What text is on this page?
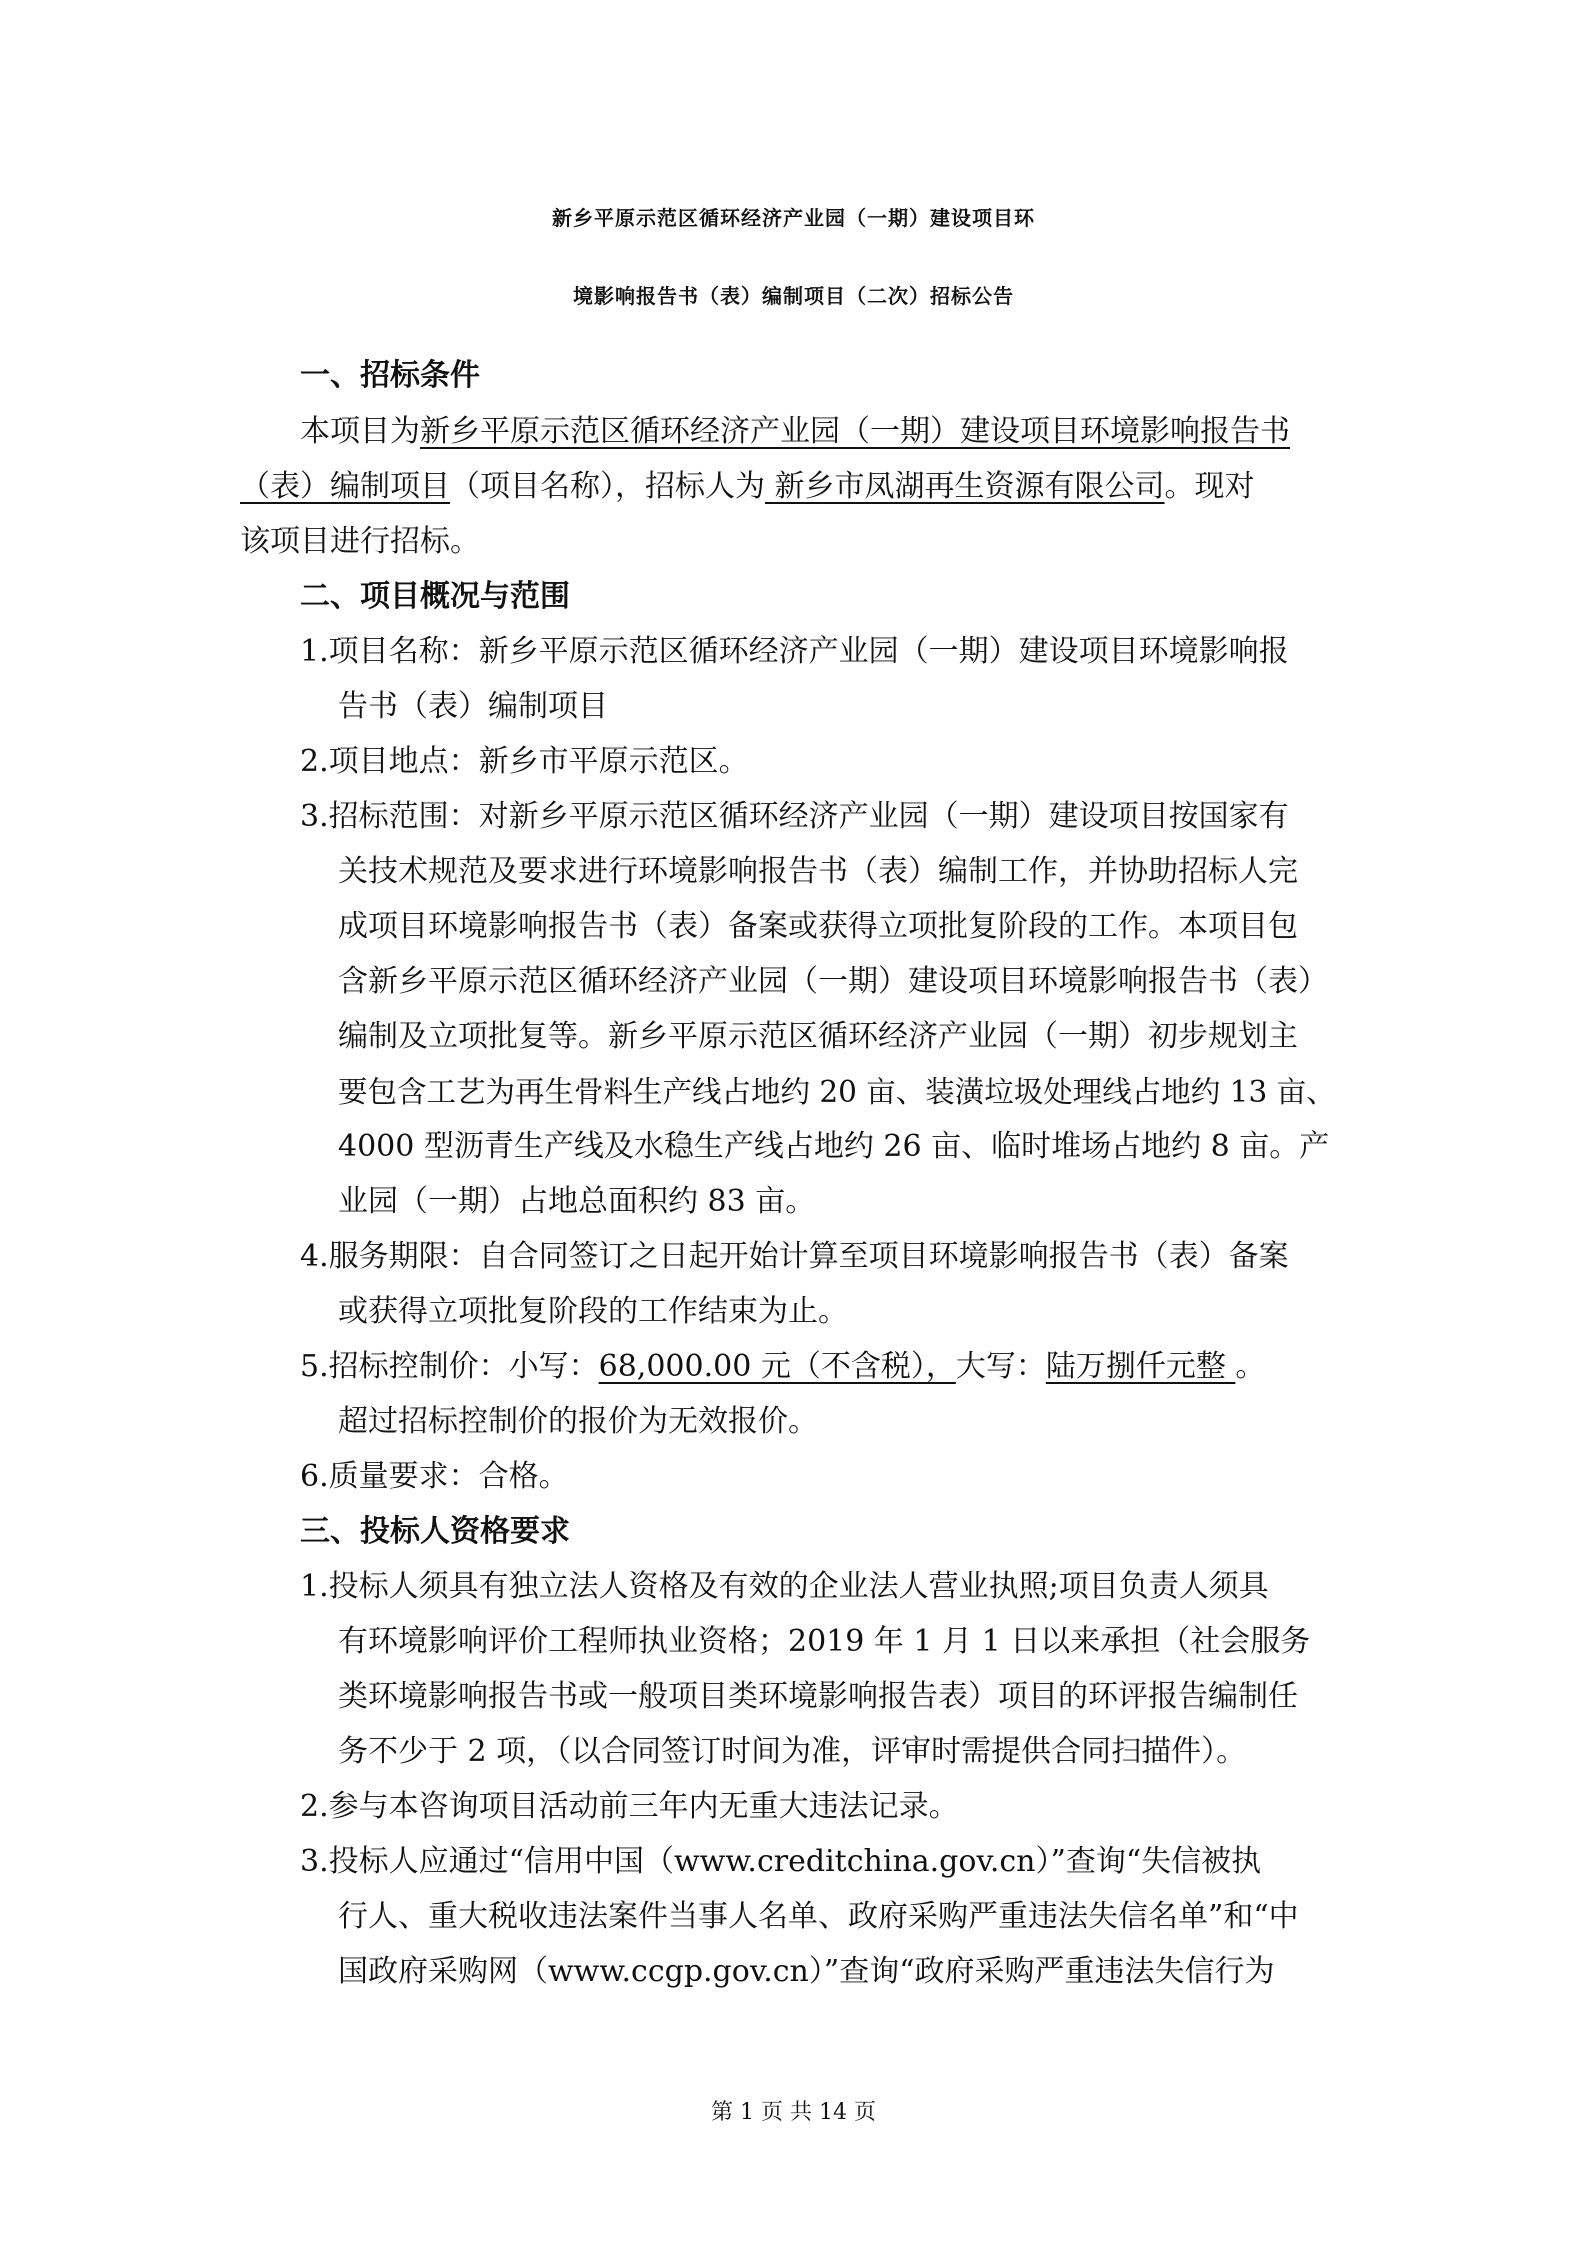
新乡平原示范区循环经济产业园（一期）建设项目环
境影响报告书（表）编制项目（二次）招标公告
一、招标条件
本项目为新乡平原示范区循环经济产业园（一期）建设项目环境影响报告书
（表）编制项目（项目名称），招标人为 新乡市凤湖再生资源有限公司。现对
该项目进行招标。
二、项目概况与范围
1.项目名称：新乡平原示范区循环经济产业园（一期）建设项目环境影响报
告书（表）编制项目
2.项目地点：新乡市平原示范区。
3.招标范围：对新乡平原示范区循环经济产业园（一期）建设项目按国家有
关技术规范及要求进行环境影响报告书（表）编制工作，并协助招标人完
成项目环境影响报告书（表）备案或获得立项批复阶段的工作。本项目包
含新乡平原示范区循环经济产业园（一期）建设项目环境影响报告书（表）
编制及立项批复等。新乡平原示范区循环经济产业园（一期）初步规划主
要包含工艺为再生骨料生产线占地约 20 亩、装潢垃圾处理线占地约 13 亩、
4000 型沥青生产线及水稳生产线占地约 26 亩、临时堆场占地约 8 亩。产
业园（一期）占地总面积约 83 亩。
4.服务期限：自合同签订之日起开始计算至项目环境影响报告书（表）备案
或获得立项批复阶段的工作结束为止。
5.招标控制价：小写：68,000.00 元（不含税），大写：陆万捌仟元整 。
超过招标控制价的报价为无效报价。
6.质量要求：合格。
三、投标人资格要求
1.投标人须具有独立法人资格及有效的企业法人营业执照;项目负责人须具
有环境影响评价工程师执业资格；2019 年 1 月 1 日以来承担（社会服务
类环境影响报告书或一般项目类环境影响报告表）项目的环评报告编制任
务不少于 2 项，（以合同签订时间为准，评审时需提供合同扫描件）。
2.参与本咨询项目活动前三年内无重大违法记录。
3.投标人应通过“信用中国（www.creditchina.gov.cn）”查询“失信被执
行人、重大税收违法案件当事人名单、政府采购严重违法失信名单”和“中
国政府采购网（www.ccgp.gov.cn）”查询“政府采购严重违法失信行为
第 1 页 共 14 页
